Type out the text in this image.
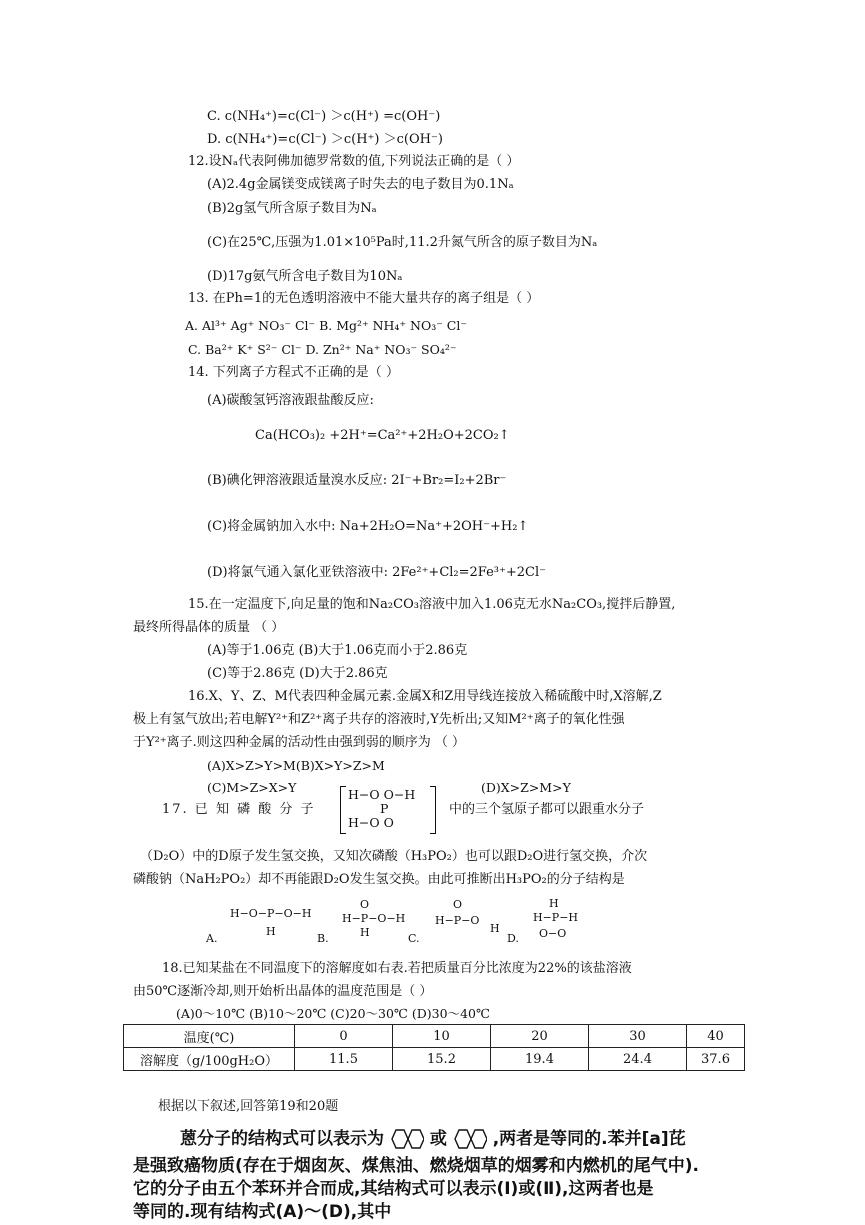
C. c(NH₄⁺)=c(Cl⁻) ＞c(H⁺) =c(OH⁻)
D. c(NH₄⁺)=c(Cl⁻) ＞c(H⁺) ＞c(OH⁻)
12.设Nₐ代表阿佛加德罗常数的值,下列说法正确的是（ ）
(A)2.4g金属镁变成镁离子时失去的电子数目为0.1Nₐ
(B)2g氢气所含原子数目为Nₐ
(C)在25℃,压强为1.01×10⁵Pa时,11.2升氮气所含的原子数目为Nₐ
(D)17g氨气所含电子数目为10Nₐ
13. 在Ph=1的无色透明溶液中不能大量共存的离子组是（ ）
A. Al³⁺ Ag⁺ NO₃⁻ Cl⁻ B. Mg²⁺ NH₄⁺ NO₃⁻ Cl⁻
C. Ba²⁺ K⁺ S²⁻ Cl⁻ D. Zn²⁺ Na⁺ NO₃⁻ SO₄²⁻
14. 下列离子方程式不正确的是（ ）
(A)碳酸氢钙溶液跟盐酸反应:
Ca(HCO₃)₂ +2H⁺=Ca²⁺+2H₂O+2CO₂↑
(B)碘化钾溶液跟适量溴水反应: 2I⁻+Br₂=I₂+2Br⁻
(C)将金属钠加入水中: Na+2H₂O=Na⁺+2OH⁻+H₂↑
(D)将氯气通入氯化亚铁溶液中: 2Fe²⁺+Cl₂=2Fe³⁺+2Cl⁻
15.在一定温度下,向足量的饱和Na₂CO₃溶液中加入1.06克无水Na₂CO₃,搅拌后静置,
最终所得晶体的质量 （ ）
(A)等于1.06克 (B)大于1.06克而小于2.86克
(C)等于2.86克 (D)大于2.86克
16.X、Y、Z、M代表四种金属元素.金属X和Z用导线连接放入稀硫酸中时,X溶解,Z
极上有氢气放出;若电解Y²⁺和Z²⁺离子共存的溶液时,Y先析出;又知M²⁺离子的氧化性强
于Y²⁺离子.则这四种金属的活动性由强到弱的顺序为 （ ）
(A)X>Z>Y>M(B)X>Y>Z>M
(C)M>Z>X>Y	(D)X>Z>M>Y
17. 已 知 磷 酸 分 子
H−O O−H
P
H−O O
中的三个氢原子都可以跟重水分子
（D₂O）中的D原子发生氢交换，又知次磷酸（H₃PO₂）也可以跟D₂O进行氢交换，介次
磷酸钠（NaH₂PO₂）却不再能跟D₂O发生氢交换。由此可推断出H₃PO₂的分子结构是
H−O−P−O−H
H
A.
O
H−P−O−H
H
B.
O
H−P−O
H
C.
H
H−P−H
O−O
D.
18.已知某盐在不同温度下的溶解度如右表.若把质量百分比浓度为22%的该盐溶液
由50℃逐渐冷却,则开始析出晶体的温度范围是（ ）
(A)0～10℃ (B)10～20℃ (C)20～30℃ (D)30～40℃
温度(℃)	0	10	20	30	40
溶解度（g/100gH₂O）	11.5	15.2	19.4	24.4	37.6
根据以下叙述,回答第19和20题
蒽分子的结构式可以表示为	或	,两者是等同的.苯并[a]芘
是强致癌物质(存在于烟囱灰、煤焦油、燃烧烟草的烟雾和内燃机的尾气中).
它的分子由五个苯环并合而成,其结构式可以表示(Ⅰ)或(Ⅱ),这两者也是
等同的.现有结构式(A)～(D),其中
